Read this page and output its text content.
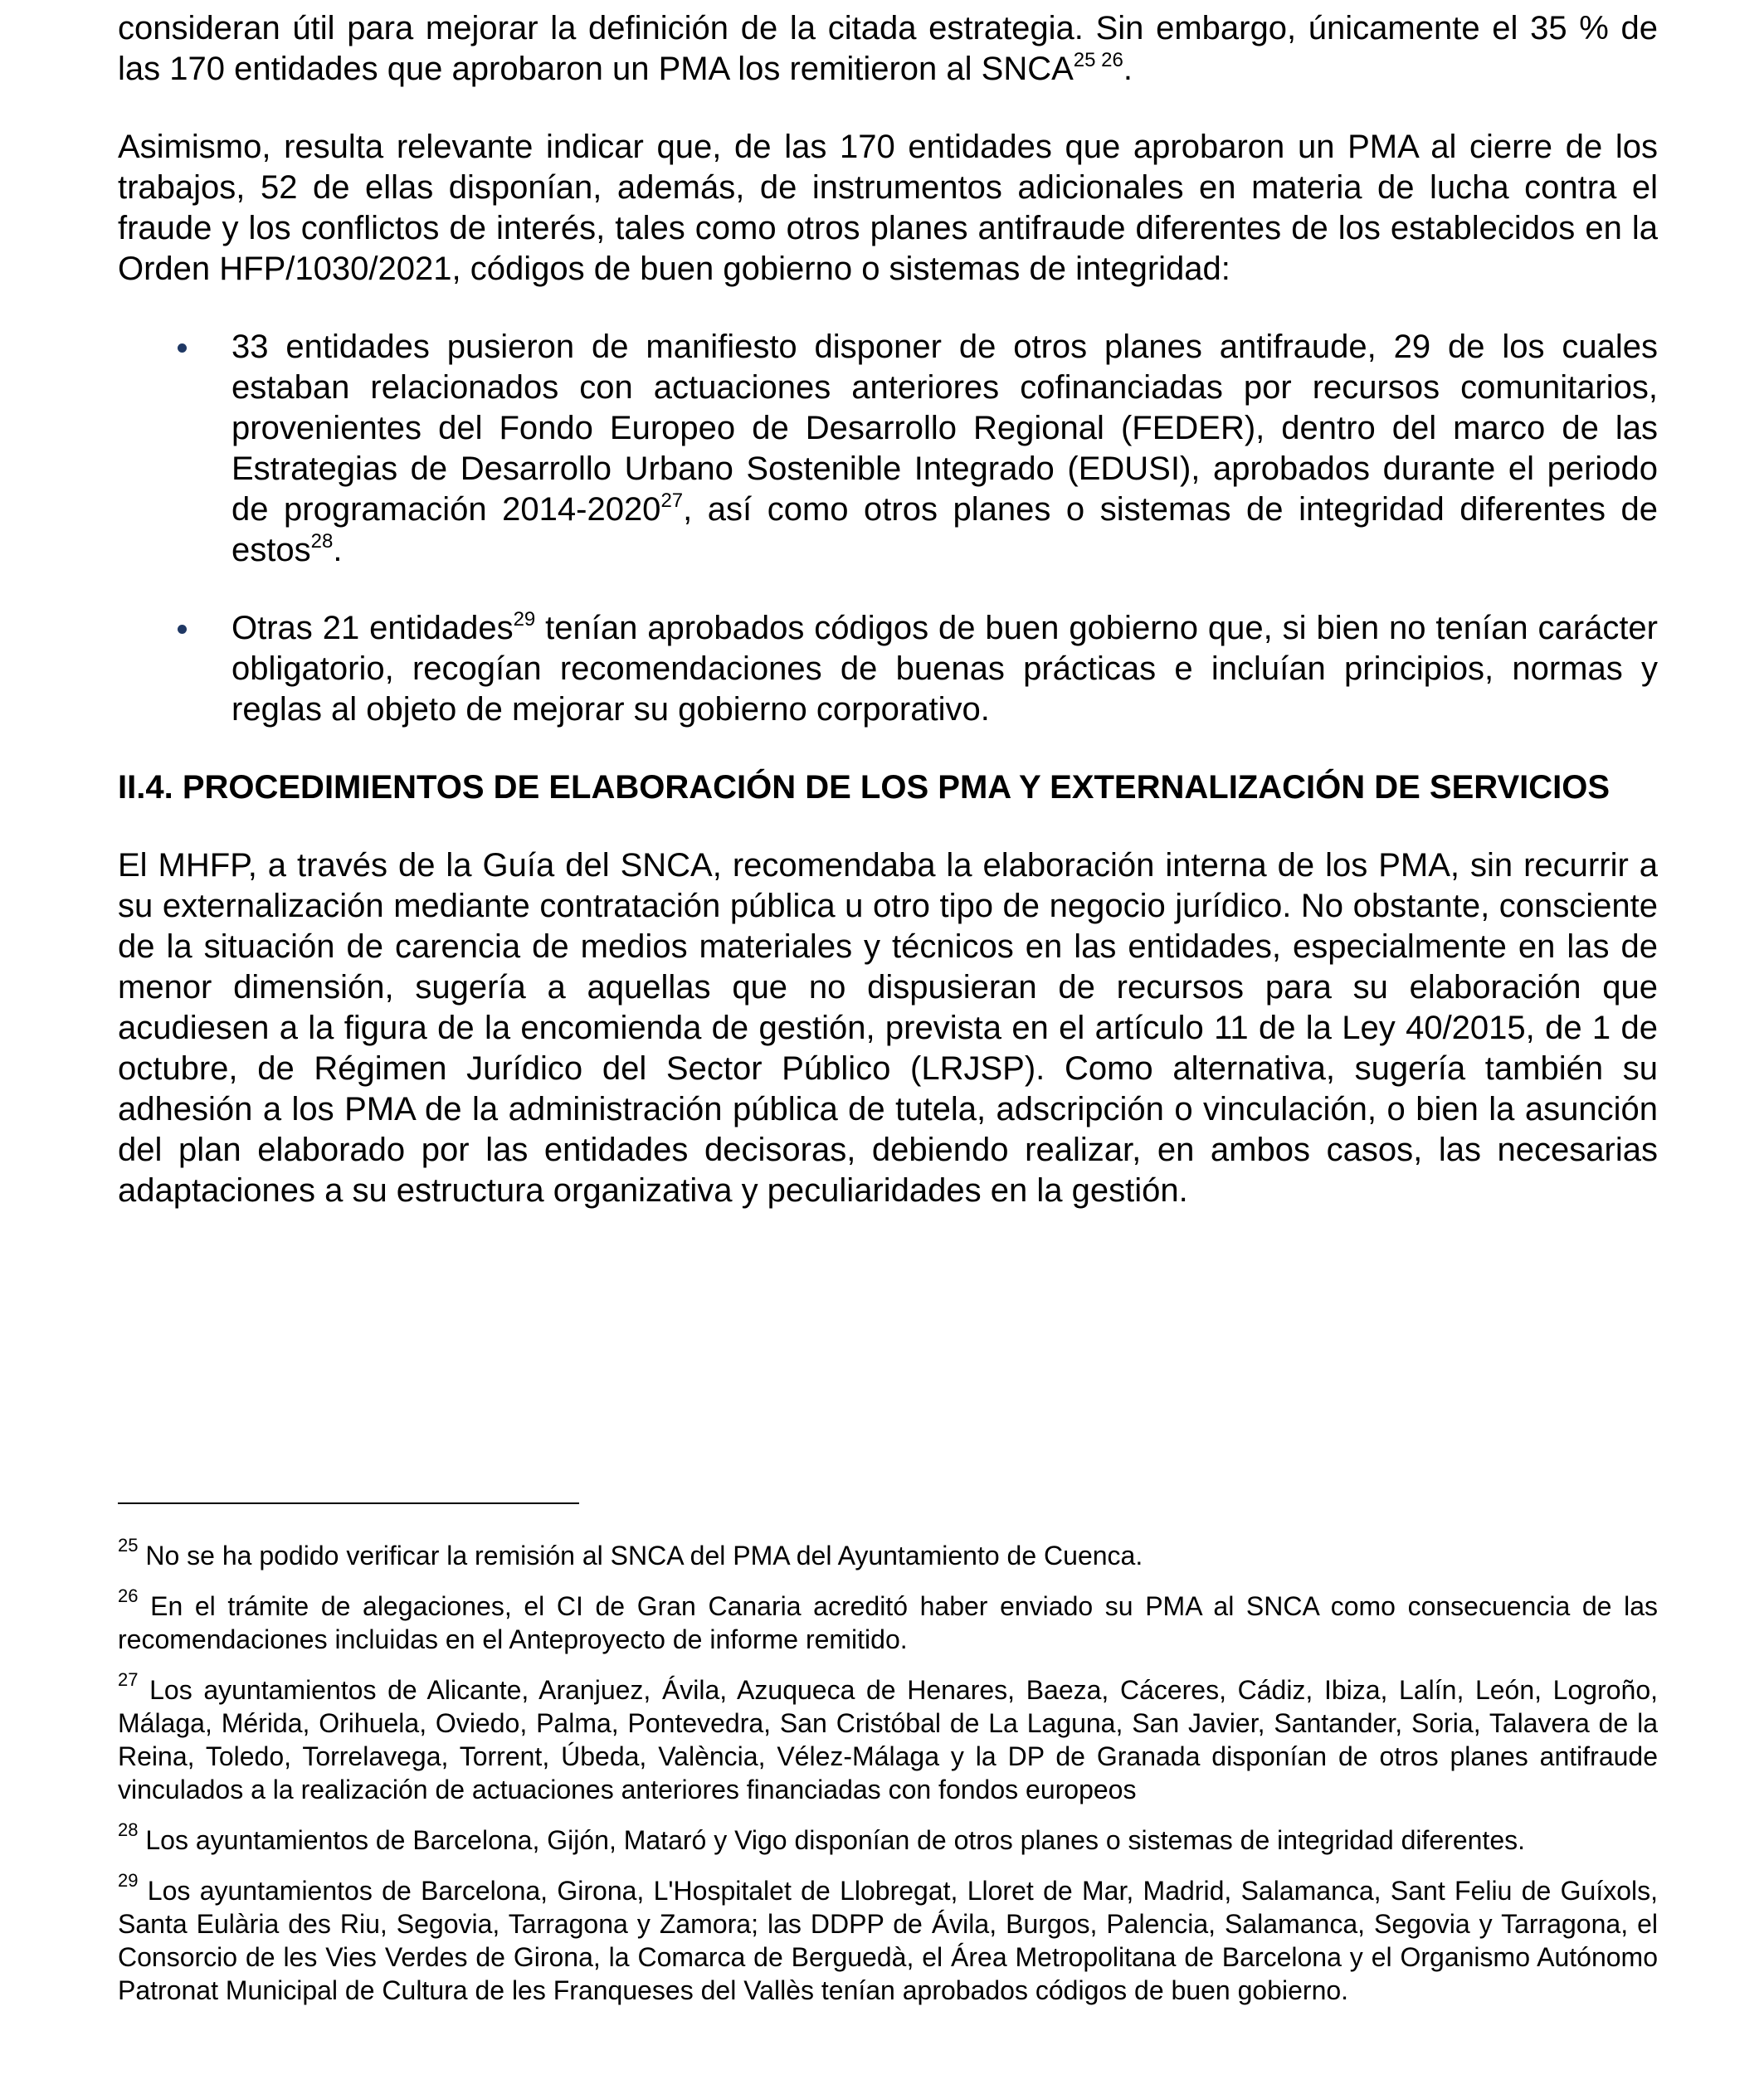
consideran útil para mejorar la definición de la citada estrategia. Sin embargo, únicamente el 35 % de las 170 entidades que aprobaron un PMA los remitieron al $SNCA^{25 26}$.

Asimismo, resulta relevante indicar que, de las 170 entidades que aprobaron un PMA al cierre de los trabajos, 52 de ellas disponían, además, de instrumentos adicionales en materia de lucha contra el fraude y los conflictos de interés, tales como otros planes antifraude diferentes de los establecidos en la Orden HFP/1030/2021, códigos de buen gobierno o sistemas de integridad:

33 entidades pusieron de manifiesto disponer de otros planes antifraude, 29 de los cuales estaban relacionados con actuaciones anteriores cofinanciadas por recursos comunitarios, provenientes del Fondo Europeo de Desarrollo Regional (FEDER), dentro del marco de las Estrategias de Desarrollo Urbano Sostenible Integrado (EDUSI), aprobados durante el periodo de programación 2014-2020$^{27}$, así como otros planes o sistemas de integridad diferentes de estos$^{28}$.

Otras 21 entidades$^{29}$ tenían aprobados códigos de buen gobierno que, si bien no tenían carácter obligatorio, recogían recomendaciones de buenas prácticas e incluían principios, normas y reglas al objeto de mejorar su gobierno corporativo.

II.4. PROCEDIMIENTOS DE ELABORACIÓN DE LOS PMA Y EXTERNALIZACIÓN DE SERVICIOS

El MHFP, a través de la Guía del SNCA, recomendaba la elaboración interna de los PMA, sin recurrir a su externalización mediante contratación pública u otro tipo de negocio jurídico. No obstante, consciente de la situación de carencia de medios materiales y técnicos en las entidades, especialmente en las de menor dimensión, sugería a aquellas que no dispusieran de recursos para su elaboración que acudiesen a la figura de la encomienda de gestión, prevista en el artículo 11 de la Ley 40/2015, de 1 de octubre, de Régimen Jurídico del Sector Público (LRJSP). Como alternativa, sugería también su adhesión a los PMA de la administración pública de tutela, adscripción o vinculación, o bien la asunción del plan elaborado por las entidades decisoras, debiendo realizar, en ambos casos, las necesarias adaptaciones a su estructura organizativa y peculiaridades en la gestión.

$^{25}$ No se ha podido verificar la remisión al SNCA del PMA del Ayuntamiento de Cuenca.

$^{26}$ En el trámite de alegaciones, el CI de Gran Canaria acreditó haber enviado su PMA al SNCA como consecuencia de las recomendaciones incluidas en el Anteproyecto de informe remitido.

$^{27}$ Los ayuntamientos de Alicante, Aranjuez, Ávila, Azuqueca de Henares, Baeza, Cáceres, Cádiz, Ibiza, Lalín, León, Logroño, Málaga, Mérida, Orihuela, Oviedo, Palma, Pontevedra, San Cristóbal de La Laguna, San Javier, Santander, Soria, Talavera de la Reina, Toledo, Torrelavega, Torrent, Úbeda, València, Vélez-Málaga y la DP de Granada disponían de otros planes antifraude vinculados a la realización de actuaciones anteriores financiadas con fondos europeos

$^{28}$ Los ayuntamientos de Barcelona, Gijón, Mataró y Vigo disponían de otros planes o sistemas de integridad diferentes.

$^{29}$ Los ayuntamientos de Barcelona, Girona, L'Hospitalet de Llobregat, Lloret de Mar, Madrid, Salamanca, Sant Feliu de Guíxols, Santa Eulària des Riu, Segovia, Tarragona y Zamora; las DDPP de Ávila, Burgos, Palencia, Salamanca, Segovia y Tarragona, el Consorcio de les Vies Verdes de Girona, la Comarca de Berguedà, el Área Metropolitana de Barcelona y el Organismo Autónomo Patronat Municipal de Cultura de les Franqueses del Vallès tenían aprobados códigos de buen gobierno.
